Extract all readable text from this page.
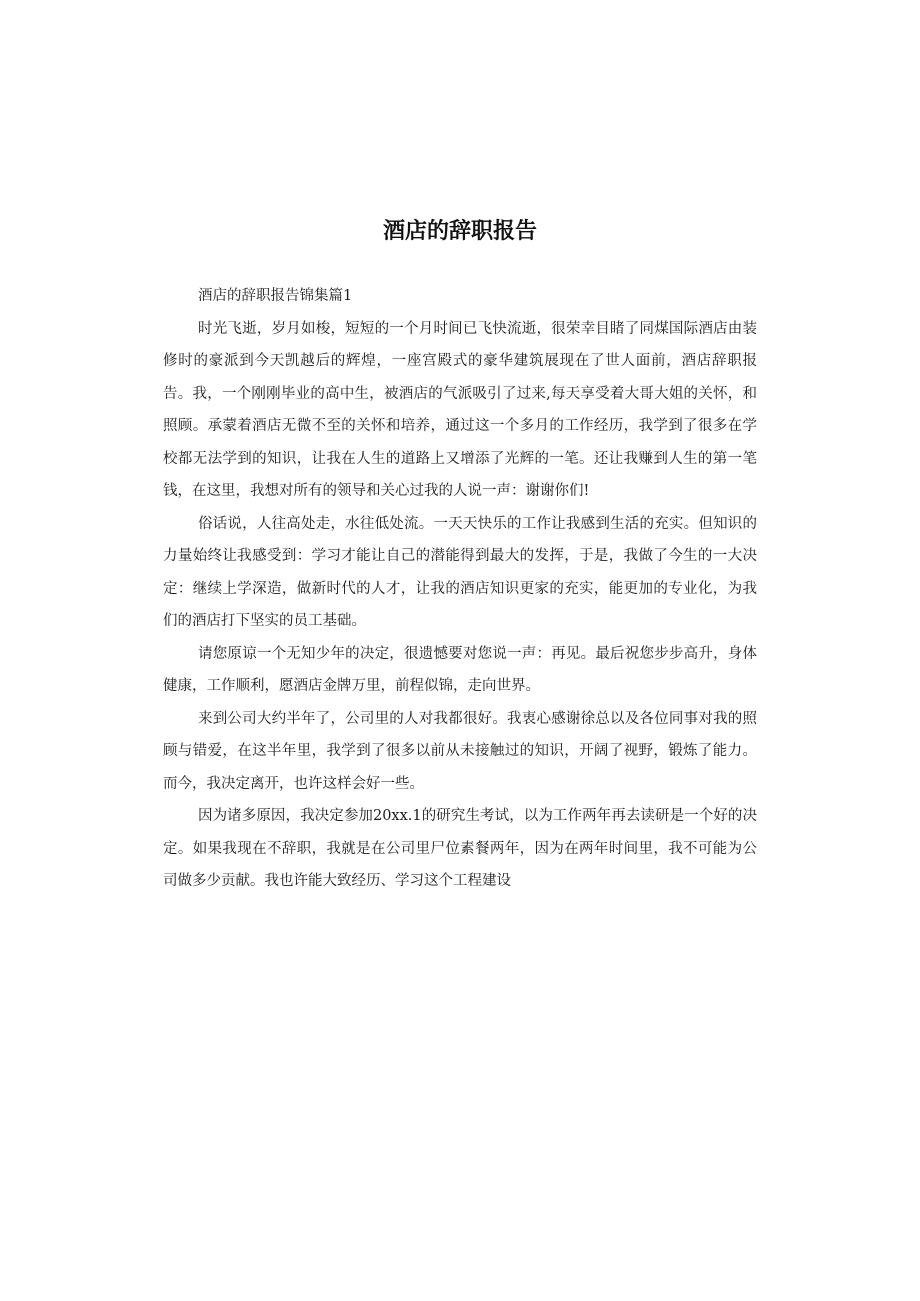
酒店的辞职报告

酒店的辞职报告锦集篇1

时光飞逝，岁月如梭，短短的一个月时间已飞快流逝，很荣幸目睹了同煤国际酒店由装修时的豪派到今天凯越后的辉煌，一座宫殿式的豪华建筑展现在了世人面前，酒店辞职报告。我，一个刚刚毕业的高中生，被酒店的气派吸引了过来,每天享受着大哥大姐的关怀，和照顾。承蒙着酒店无微不至的关怀和培养，通过这一个多月的工作经历，我学到了很多在学校都无法学到的知识，让我在人生的道路上又增添了光辉的一笔。还让我赚到人生的第一笔钱，在这里，我想对所有的领导和关心过我的人说一声：谢谢你们!

俗话说，人往高处走，水往低处流。一天天快乐的工作让我感到生活的充实。但知识的力量始终让我感受到：学习才能让自己的潜能得到最大的发挥，于是，我做了今生的一大决定：继续上学深造，做新时代的人才，让我的酒店知识更家的充实，能更加的专业化，为我们的酒店打下坚实的员工基础。

请您原谅一个无知少年的决定，很遗憾要对您说一声：再见。最后祝您步步高升，身体健康，工作顺利，愿酒店金牌万里，前程似锦，走向世界。

来到公司大约半年了，公司里的人对我都很好。我衷心感谢徐总以及各位同事对我的照顾与错爱，在这半年里，我学到了很多以前从未接触过的知识，开阔了视野，锻炼了能力。而今，我决定离开，也许这样会好一些。

因为诸多原因，我决定参加20xx.1的研究生考试，以为工作两年再去读研是一个好的决定。如果我现在不辞职，我就是在公司里尸位素餐两年，因为在两年时间里，我不可能为公司做多少贡献。我也许能大致经历、学习这个工程建设
